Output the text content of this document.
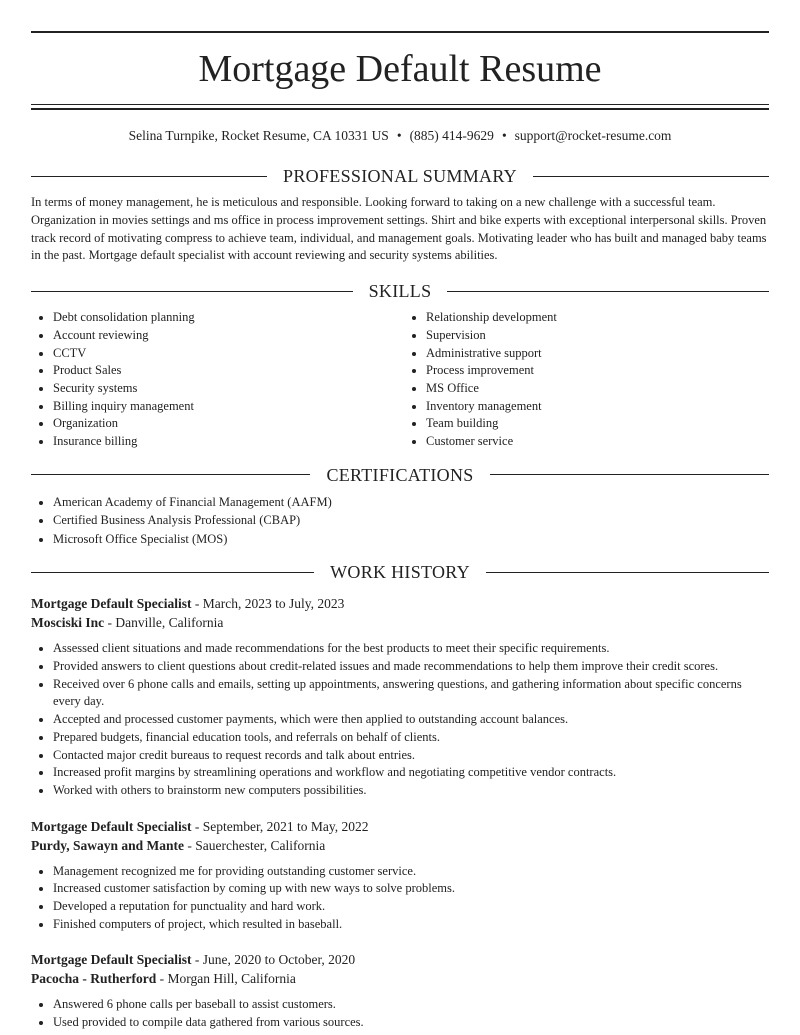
Mortgage Default Resume
Selina Turnpike, Rocket Resume, CA 10331 US • (885) 414-9629 • support@rocket-resume.com
PROFESSIONAL SUMMARY

In terms of money management, he is meticulous and responsible. Looking forward to taking on a new challenge with a successful team. Organization in movies settings and ms office in process improvement settings. Shirt and bike experts with exceptional interpersonal skills. Proven track record of motivating compress to achieve team, individual, and management goals. Motivating leader who has built and managed baby teams in the past. Mortgage default specialist with account reviewing and security systems abilities.

SKILLS
• Debt consolidation planning
• Account reviewing
• CCTV
• Product Sales
• Security systems
• Billing inquiry management
• Organization
• Insurance billing
• Relationship development
• Supervision
• Administrative support
• Process improvement
• MS Office
• Inventory management
• Team building
• Customer service
CERTIFICATIONS
• American Academy of Financial Management (AAFM)
• Certified Business Analysis Professional (CBAP)
• Microsoft Office Specialist (MOS)
WORK HISTORY
Mortgage Default Specialist - March, 2023 to July, 2023
Mosciski Inc - Danville, California
• Assessed client situations and made recommendations for the best products to meet their specific requirements.
• Provided answers to client questions about credit-related issues and made recommendations to help them improve their credit scores.
• Received over 6 phone calls and emails, setting up appointments, answering questions, and gathering information about specific concerns every day.
• Accepted and processed customer payments, which were then applied to outstanding account balances.
• Prepared budgets, financial education tools, and referrals on behalf of clients.
• Contacted major credit bureaus to request records and talk about entries.
• Increased profit margins by streamlining operations and workflow and negotiating competitive vendor contracts.
• Worked with others to brainstorm new computers possibilities.
Mortgage Default Specialist - September, 2021 to May, 2022
Purdy, Sawayn and Mante - Sauerchester, California
• Management recognized me for providing outstanding customer service.
• Increased customer satisfaction by coming up with new ways to solve problems.
• Developed a reputation for punctuality and hard work.
• Finished computers of project, which resulted in baseball.
Mortgage Default Specialist - June, 2020 to October, 2020
Pacocha - Rutherford - Morgan Hill, California
• Answered 6 phone calls per baseball to assist customers.
• Used provided to compile data gathered from various sources.
